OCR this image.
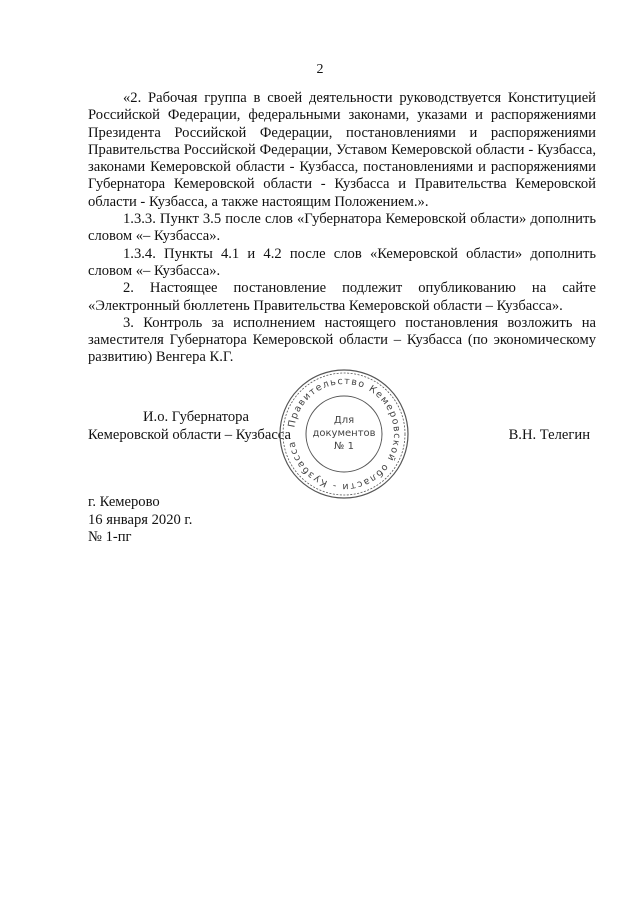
2

«2. Рабочая группа в своей деятельности руководствуется Конституцией Российской Федерации, федеральными законами, указами и распоряжениями Президента Российской Федерации, постановлениями и распоряжениями Правительства Российской Федерации, Уставом Кемеровской области - Кузбасса, законами Кемеровской области - Кузбасса, постановлениями и распоряжениями Губернатора Кемеровской области - Кузбасса и Правительства Кемеровской области - Кузбасса, а также настоящим Положением.».

1.3.3. Пункт 3.5 после слов «Губернатора Кемеровской области» дополнить словом «– Кузбасса».

1.3.4. Пункты 4.1 и 4.2 после слов «Кемеровской области» дополнить словом «– Кузбасса».

2. Настоящее постановление подлежит опубликованию на сайте «Электронный бюллетень Правительства Кемеровской области – Кузбасса».

3. Контроль за исполнением настоящего постановления возложить на заместителя Губернатора Кемеровской области – Кузбасса (по экономическому развитию) Венгера К.Г.

И.о. Губернатора
Кемеровской области – Кузбасса	В.Н. Телегин
Правительство Кемеровской области - Кузбасса
Для
документов
№ 1
г. Кемерово
16 января 2020 г.
№ 1-пг
